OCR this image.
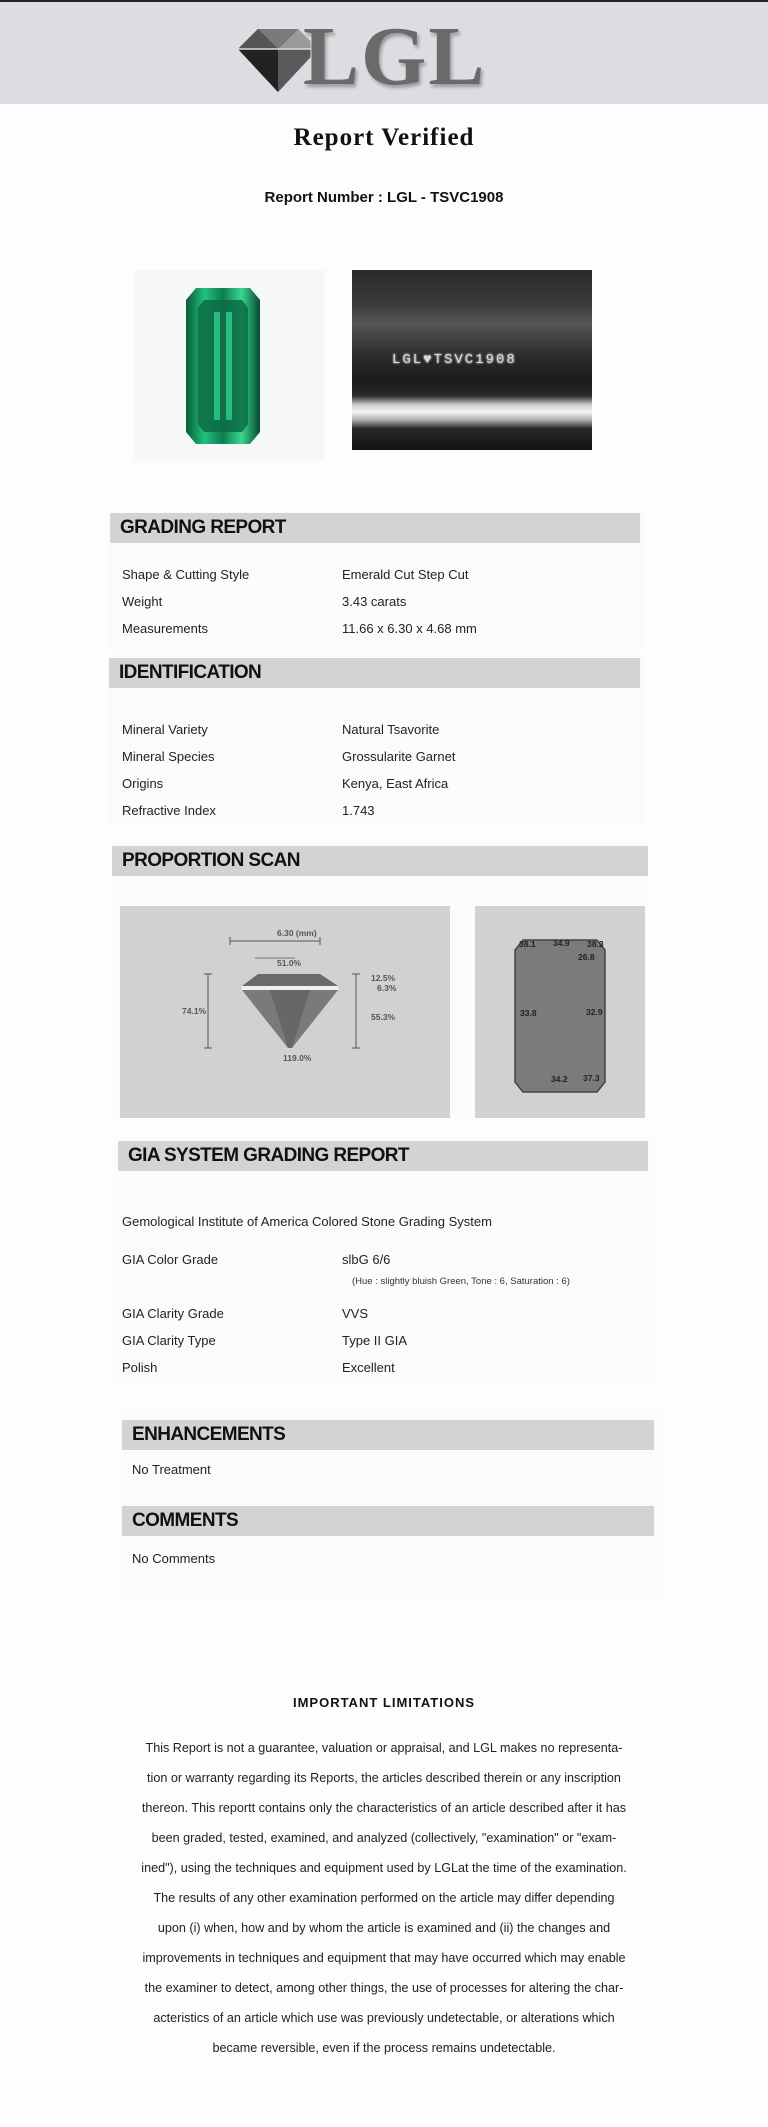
LGL
Report Verified
Report Number : LGL - TSVC1908
LGL♥TSVC1908
GRADING REPORT
Shape & Cutting Style	Emerald Cut Step Cut
Weight	3.43 carats
Measurements	11.66 x 6.30 x 4.68 mm
IDENTIFICATION
Mineral Variety	Natural Tsavorite
Mineral Species	Grossularite Garnet
Origins	Kenya, East Africa
Refractive Index	1.743
PROPORTION SCAN
6.30 (mm)
51.0%
74.1%
12.5%
6.3%
55.3%
119.0%
38.1 34.9 38.3
26.8
33.8	32.9
34.2 37.3
GIA SYSTEM GRADING REPORT
Gemological Institute of America Colored Stone Grading System
GIA Color Grade	slbG 6/6
(Hue : slightly bluish Green, Tone : 6, Saturation : 6)
GIA Clarity Grade	VVS
GIA Clarity Type	Type II GIA
Polish	Excellent
ENHANCEMENTS
No Treatment
COMMENTS
No Comments
IMPORTANT LIMITATIONS
This Report is not a guarantee, valuation or appraisal, and LGL makes no representa-
tion or warranty regarding its Reports, the articles described therein or any inscription
thereon. This reportt contains only the characteristics of an article described after it has
been graded, tested, examined, and analyzed (collectively, "examination" or "exam-
ined"), using the techniques and equipment used by LGLat the time of the examination.
The results of any other examination performed on the article may differ depending
upon (i) when, how and by whom the article is examined and (ii) the changes and
improvements in techniques and equipment that may have occurred which may enable
the examiner to detect, among other things, the use of processes for altering the char-
acteristics of an article which use was previously undetectable, or alterations which
became reversible, even if the process remains undetectable.
